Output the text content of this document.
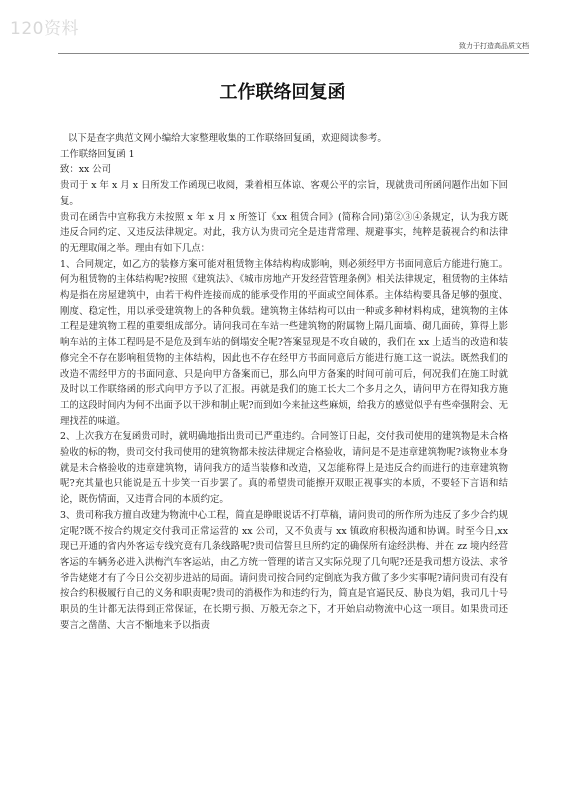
120资料
致力于打造高品质文档
工作联络回复函

以下是查字典范文网小编给大家整理收集的工作联络回复函，欢迎阅读参考。

工作联络回复函 1

致：xx 公司

贵司于 x 年 x 月 x 日所发工作函现已收阅，秉着相互体谅、客观公平的宗旨，现就贵司所函问题作出如下回复。

贵司在函告中宣称我方未按照 x 年 x 月 x 所签订《xx 租赁合同》(简称合同)第②③④条规定，认为我方既违反合同约定、又违反法律规定。对此，我方认为贵司完全是违背常理、规避事实，纯粹是藐视合约和法律的无理取闹之举。理由有如下几点：

1、合同规定，如乙方的装修方案可能对租赁物主体结构构成影响，则必须经甲方书面同意后方能进行施工。何为租赁物的主体结构呢?按照《建筑法》、《城市房地产开发经营管理条例》相关法律规定，租赁物的主体结构是指在房屋建筑中，由若干构件连接而成的能承受作用的平面或空间体系。主体结构要具备足够的强度、刚度、稳定性，用以承受建筑物上的各种负载。建筑物主体结构可以由一种或多种材料构成，建筑物的主体工程是建筑物工程的重要组成部分。请问我司在车站一些建筑物的附属物上隔几面墙、砌几面砖，算得上影响车站的主体工程吗是不是危及到车站的倒塌安全呢?答案显现是不攻自破的，我们在 xx 上适当的改造和装修完全不存在影响租赁物的主体结构，因此也不存在经甲方书面同意后方能进行施工这一说法。既然我们的改造不需经甲方的书面同意、只是向甲方备案而已，那么向甲方备案的时间可前可后，何况我们在施工时就及时以工作联络函的形式向甲方予以了汇报。再就是我们的施工长大二个多月之久，请问甲方在得知我方施工的这段时间内为何不出面予以干涉和制止呢?而到如今来扯这些麻烦，给我方的感觉似乎有些牵强附会、无理找茬的味道。

2、上次我方在复函贵司时，就明确地指出贵司已严重违约。合同签订日起，交付我司使用的建筑物是未合格验收的标的物，贵司交付我司使用的建筑物都未按法律规定合格验收，请问是不是违章建筑物呢?该物业本身就是未合格验收的违章建筑物，请问我方的适当装修和改造，又怎能称得上是违反合约而进行的违章建筑物呢?充其量也只能说是五十步笑一百步罢了。真的希望贵司能擦开双眼正视事实的本质，不要轻下言语和结论，既伤情面，又违背合同的本质约定。

3、贵司称我方擅自改建为物流中心工程，简直是睁眼说话不打草稿，请问贵司的所作所为违反了多少合约规定呢?既不按合约规定交付我司正常运营的 xx 公司，又不负责与 xx 镇政府积极沟通和协调。时至今日,xx 现已开通的省内外客运专线究竟有几条线路呢?贵司信誓旦旦所约定的确保所有途经洪梅、并在 zz 境内经营客运的车辆务必进入洪梅汽车客运站，由乙方统一管理的诺言又实际兑现了几句呢?还是我司想方设法、求爷爷告姥姥才有了今日公交初步进站的局面。请问贵司按合同约定倒底为我方做了多少实事呢?请问贵司有没有按合约积极履行自己的义务和职责呢?贵司的消极作为和违约行为，简直是官逼民反、胁良为娼，我司几十号职员的生计都无法得到正常保证，在长期亏损、万般无奈之下，才开始启动物流中心这一项目。如果贵司还要言之凿凿、大言不惭地来予以指责
